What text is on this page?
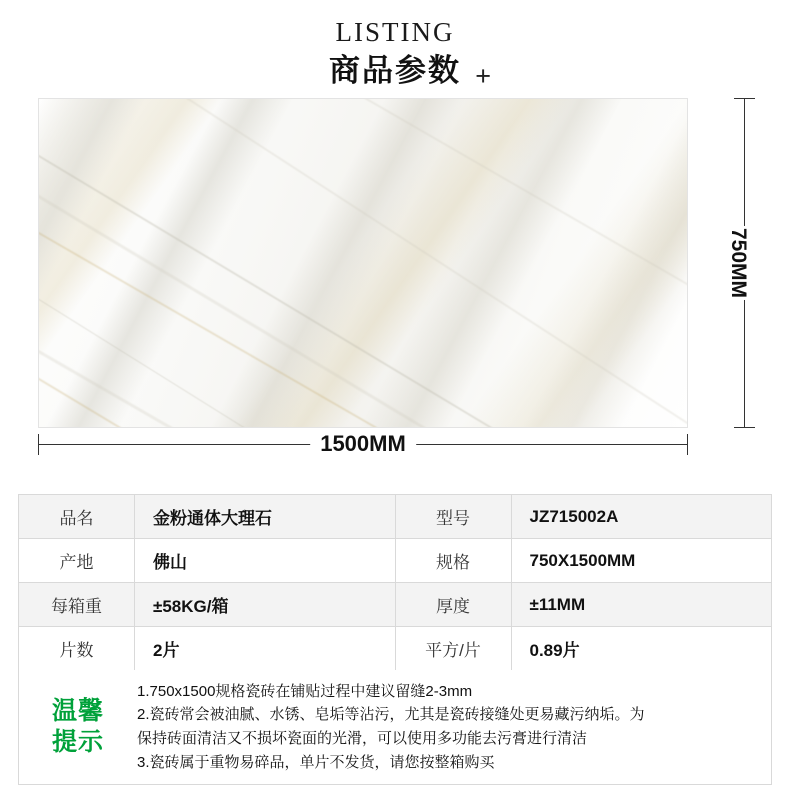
LISTING
商品参数 +
750MM
1500MM
品名	金粉通体大理石	型号	JZ715002A
产地	佛山	规格	750X1500MM
每箱重	±58KG/箱	厚度	±11MM
片数	2片	平方/片	0.89片
温馨
提示
1.750x1500规格瓷砖在铺贴过程中建议留缝2-3mm
2.瓷砖常会被油腻、水锈、皂垢等沾污，尤其是瓷砖接缝处更易藏污纳垢。为
保持砖面清洁又不损坏瓷面的光滑，可以使用多功能去污膏进行清洁
3.瓷砖属于重物易碎品，单片不发货，请您按整箱购买
